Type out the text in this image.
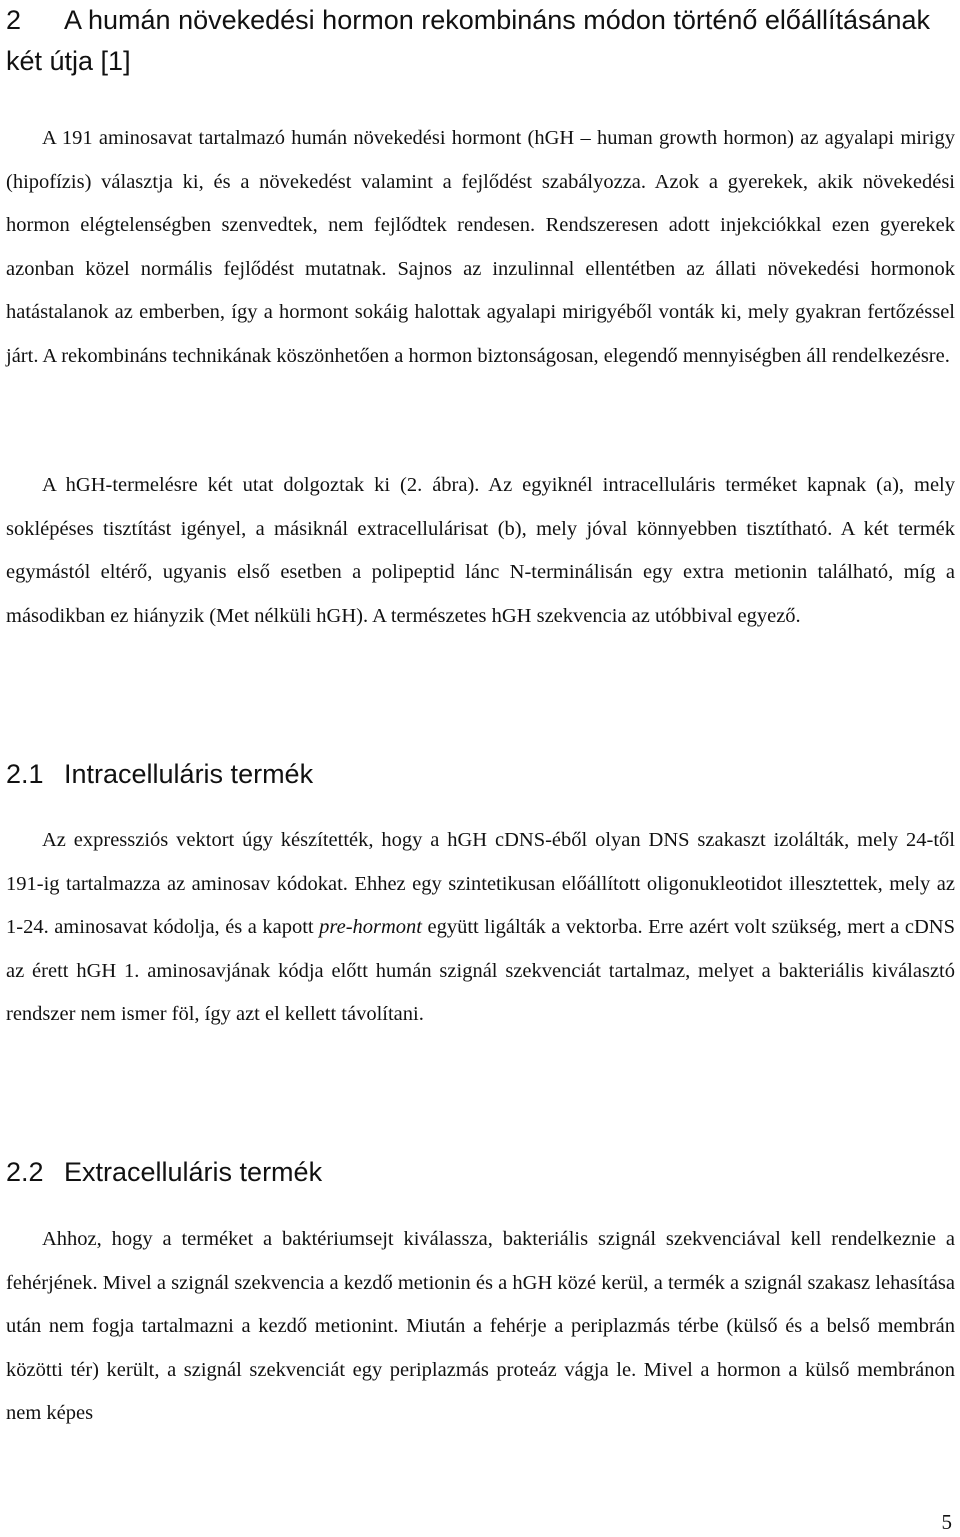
2 A humán növekedési hormon rekombináns módon történő előállításának két útja [1]

A 191 aminosavat tartalmazó humán növekedési hormont (hGH – human growth hormon) az agyalapi mirigy (hipofízis) választja ki, és a növekedést valamint a fejlődést szabályozza. Azok a gyerekek, akik növekedési hormon elégtelenségben szenvedtek, nem fejlődtek rendesen. Rendszeresen adott injekciókkal ezen gyerekek azonban közel normális fejlődést mutatnak. Sajnos az inzulinnal ellentétben az állati növekedési hormonok hatástalanok az emberben, így a hormont sokáig halottak agyalapi mirigyéből vonták ki, mely gyakran fertőzéssel járt. A rekombináns technikának köszönhetően a hormon biztonságosan, elegendő mennyiségben áll rendelkezésre.

A hGH-termelésre két utat dolgoztak ki (2. ábra). Az egyiknél intracelluláris terméket kapnak (a), mely soklépéses tisztítást igényel, a másiknál extracellulárisat (b), mely jóval könnyebben tisztítható. A két termék egymástól eltérő, ugyanis első esetben a polipeptid lánc N-terminálisán egy extra metionin található, míg a másodikban ez hiányzik (Met nélküli hGH). A természetes hGH szekvencia az utóbbival egyező.

2.1 Intracelluláris termék

Az expressziós vektort úgy készítették, hogy a hGH cDNS-éből olyan DNS szakaszt izolálták, mely 24-től 191-ig tartalmazza az aminosav kódokat. Ehhez egy szintetikusan előállított oligonukleotidot illesztettek, mely az 1-24. aminosavat kódolja, és a kapott pre-hormont együtt ligálták a vektorba. Erre azért volt szükség, mert a cDNS az érett hGH 1. aminosavjának kódja előtt humán szignál szekvenciát tartalmaz, melyet a bakteriális kiválasztó rendszer nem ismer föl, így azt el kellett távolítani.

2.2 Extracelluláris termék

Ahhoz, hogy a terméket a baktériumsejt kiválassza, bakteriális szignál szekvenciával kell rendelkeznie a fehérjének. Mivel a szignál szekvencia a kezdő metionin és a hGH közé kerül, a termék a szignál szakasz lehasítása után nem fogja tartalmazni a kezdő metionint. Miután a fehérje a periplazmás térbe (külső és a belső membrán közötti tér) került, a szignál szekvenciát egy periplazmás proteáz vágja le. Mivel a hormon a külső membránon nem képes

5
